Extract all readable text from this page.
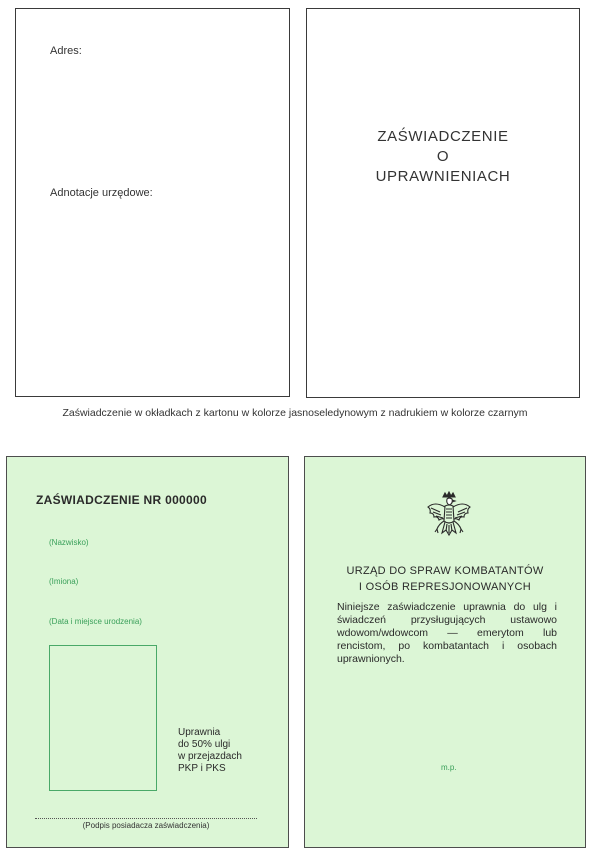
Adres:
Adnotacje urzędowe:
ZAŚWIADCZENIE
O
UPRAWNIENIACH
Zaświadczenie w okładkach z kartonu w kolorze jasnoseledynowym z nadrukiem w kolorze czarnym
ZAŚWIADCZENIE NR 000000
(Nazwisko)
(Imiona)
(Data i miejsce urodzenia)
Uprawnia
do 50% ulgi
w przejazdach
PKP i PKS
(Podpis posiadacza zaświadczenia)
URZĄD DO SPRAW KOMBATANTÓW
I OSÓB REPRESJONOWANYCH
Niniejsze zaświadczenie uprawnia do ulg i świadczeń przysługujących ustawowo wdowom/wdowcom — emerytom lub rencistom, po kombatantach i osobach uprawnionych.
m.p.
